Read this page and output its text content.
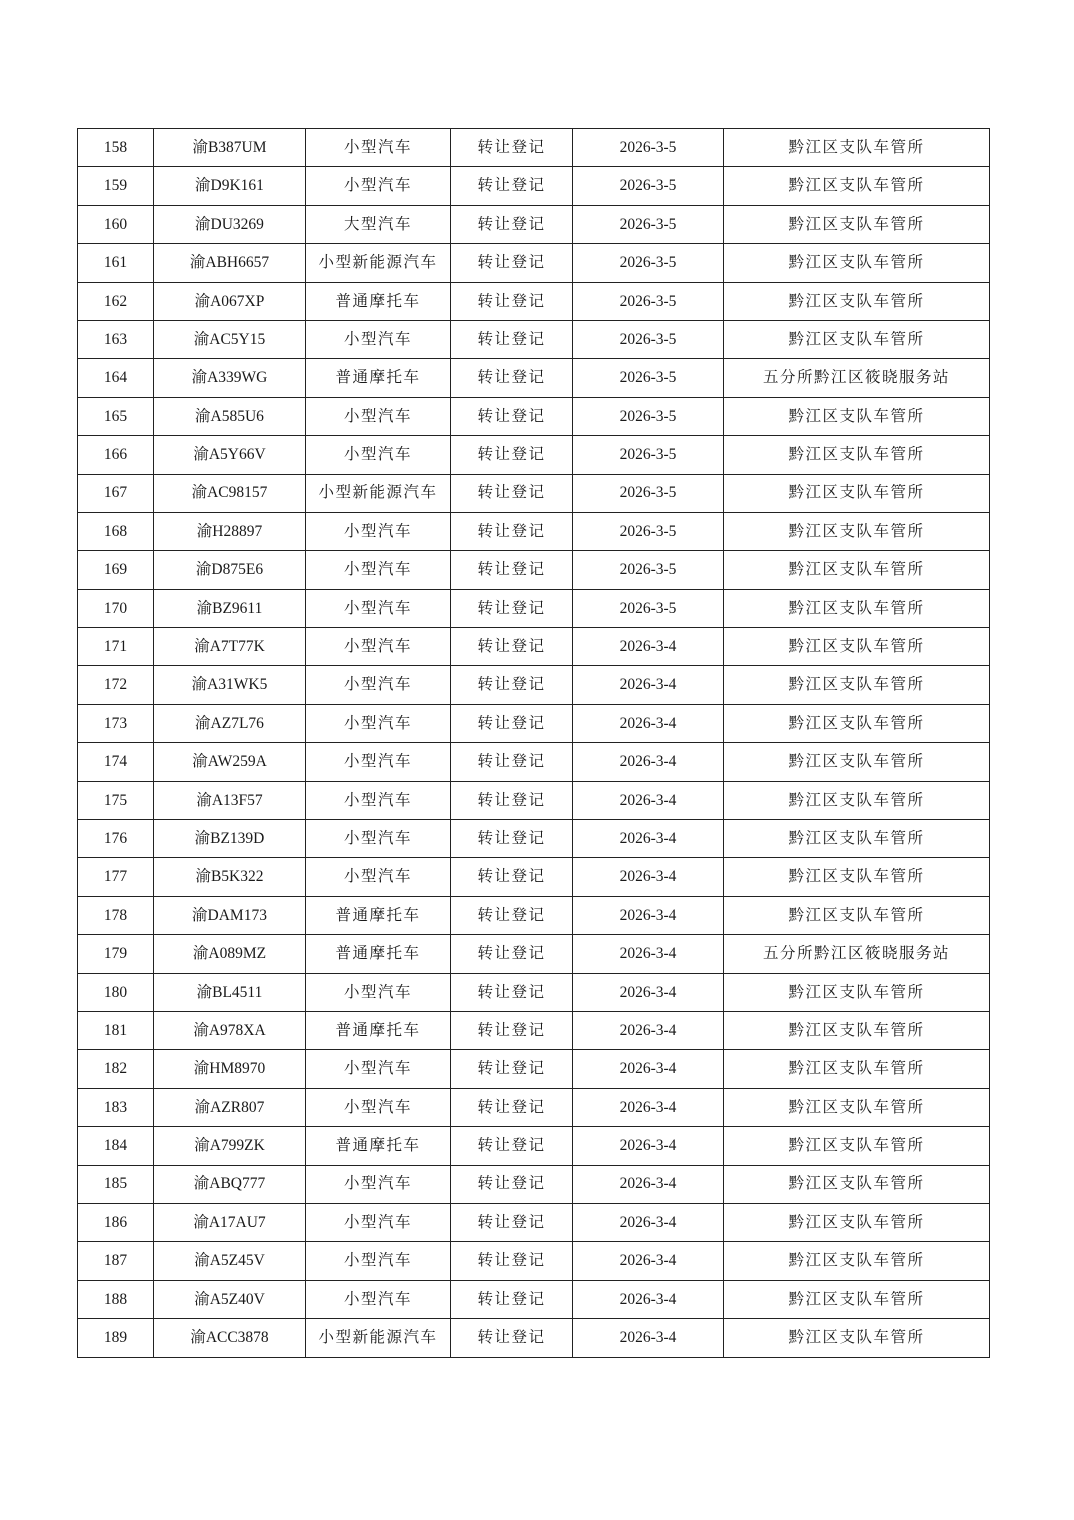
158	渝B387UM	小型汽车	转让登记	2026-3-5	黔江区支队车管所
159	渝D9K161	小型汽车	转让登记	2026-3-5	黔江区支队车管所
160	渝DU3269	大型汽车	转让登记	2026-3-5	黔江区支队车管所
161	渝ABH6657	小型新能源汽车	转让登记	2026-3-5	黔江区支队车管所
162	渝A067XP	普通摩托车	转让登记	2026-3-5	黔江区支队车管所
163	渝AC5Y15	小型汽车	转让登记	2026-3-5	黔江区支队车管所
164	渝A339WG	普通摩托车	转让登记	2026-3-5	五分所黔江区筱晓服务站
165	渝A585U6	小型汽车	转让登记	2026-3-5	黔江区支队车管所
166	渝A5Y66V	小型汽车	转让登记	2026-3-5	黔江区支队车管所
167	渝AC98157	小型新能源汽车	转让登记	2026-3-5	黔江区支队车管所
168	渝H28897	小型汽车	转让登记	2026-3-5	黔江区支队车管所
169	渝D875E6	小型汽车	转让登记	2026-3-5	黔江区支队车管所
170	渝BZ9611	小型汽车	转让登记	2026-3-5	黔江区支队车管所
171	渝A7T77K	小型汽车	转让登记	2026-3-4	黔江区支队车管所
172	渝A31WK5	小型汽车	转让登记	2026-3-4	黔江区支队车管所
173	渝AZ7L76	小型汽车	转让登记	2026-3-4	黔江区支队车管所
174	渝AW259A	小型汽车	转让登记	2026-3-4	黔江区支队车管所
175	渝A13F57	小型汽车	转让登记	2026-3-4	黔江区支队车管所
176	渝BZ139D	小型汽车	转让登记	2026-3-4	黔江区支队车管所
177	渝B5K322	小型汽车	转让登记	2026-3-4	黔江区支队车管所
178	渝DAM173	普通摩托车	转让登记	2026-3-4	黔江区支队车管所
179	渝A089MZ	普通摩托车	转让登记	2026-3-4	五分所黔江区筱晓服务站
180	渝BL4511	小型汽车	转让登记	2026-3-4	黔江区支队车管所
181	渝A978XA	普通摩托车	转让登记	2026-3-4	黔江区支队车管所
182	渝HM8970	小型汽车	转让登记	2026-3-4	黔江区支队车管所
183	渝AZR807	小型汽车	转让登记	2026-3-4	黔江区支队车管所
184	渝A799ZK	普通摩托车	转让登记	2026-3-4	黔江区支队车管所
185	渝ABQ777	小型汽车	转让登记	2026-3-4	黔江区支队车管所
186	渝A17AU7	小型汽车	转让登记	2026-3-4	黔江区支队车管所
187	渝A5Z45V	小型汽车	转让登记	2026-3-4	黔江区支队车管所
188	渝A5Z40V	小型汽车	转让登记	2026-3-4	黔江区支队车管所
189	渝ACC3878	小型新能源汽车	转让登记	2026-3-4	黔江区支队车管所
